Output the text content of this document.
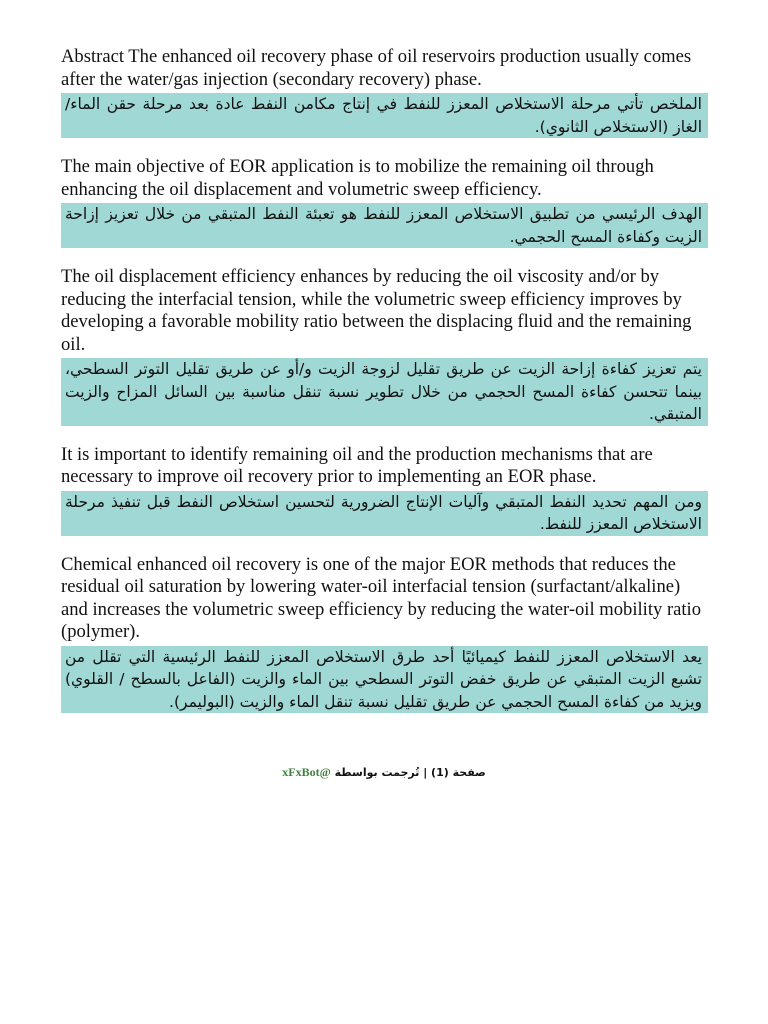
Abstract The enhanced oil recovery phase of oil reservoirs production usually comes after the water/gas injection (secondary recovery) phase.

الملخص تأتي مرحلة الاستخلاص المعزز للنفط في إنتاج مكامن النفط عادة بعد مرحلة حقن الماء/ الغاز (الاستخلاص الثانوي).

The main objective of EOR application is to mobilize the remaining oil through enhancing the oil displacement and volumetric sweep efficiency.

الهدف الرئيسي من تطبيق الاستخلاص المعزز للنفط هو تعبئة النفط المتبقي من خلال تعزيز إزاحة الزيت وكفاءة المسح الحجمي.

The oil displacement efficiency enhances by reducing the oil viscosity and/or by reducing the interfacial tension, while the volumetric sweep efficiency improves by developing a favorable mobility ratio between the displacing fluid and the remaining oil.

يتم تعزيز كفاءة إزاحة الزيت عن طريق تقليل لزوجة الزيت و/أو عن طريق تقليل التوتر السطحي، بينما تتحسن كفاءة المسح الحجمي من خلال تطوير نسبة تنقل مناسبة بين السائل المزاح والزيت المتبقي.

It is important to identify remaining oil and the production mechanisms that are necessary to improve oil recovery prior to implementing an EOR phase.

ومن المهم تحديد النفط المتبقي وآليات الإنتاج الضرورية لتحسين استخلاص النفط قبل تنفيذ مرحلة الاستخلاص المعزز للنفط.

Chemical enhanced oil recovery is one of the major EOR methods that reduces the residual oil saturation by lowering water-oil interfacial tension (surfactant/alkaline) and increases the volumetric sweep efficiency by reducing the water-oil mobility ratio (polymer).

يعد الاستخلاص المعزز للنفط كيميائيًا أحد طرق الاستخلاص المعزز للنفط الرئيسية التي تقلل من تشبع الزيت المتبقي عن طريق خفض التوتر السطحي بين الماء والزيت (الفاعل بالسطح / القلوي) ويزيد من كفاءة المسح الحجمي عن طريق تقليل نسبة تنقل الماء والزيت (البوليمر).

صفحة (1) | تُرجمت بواسطة @xFxBot
